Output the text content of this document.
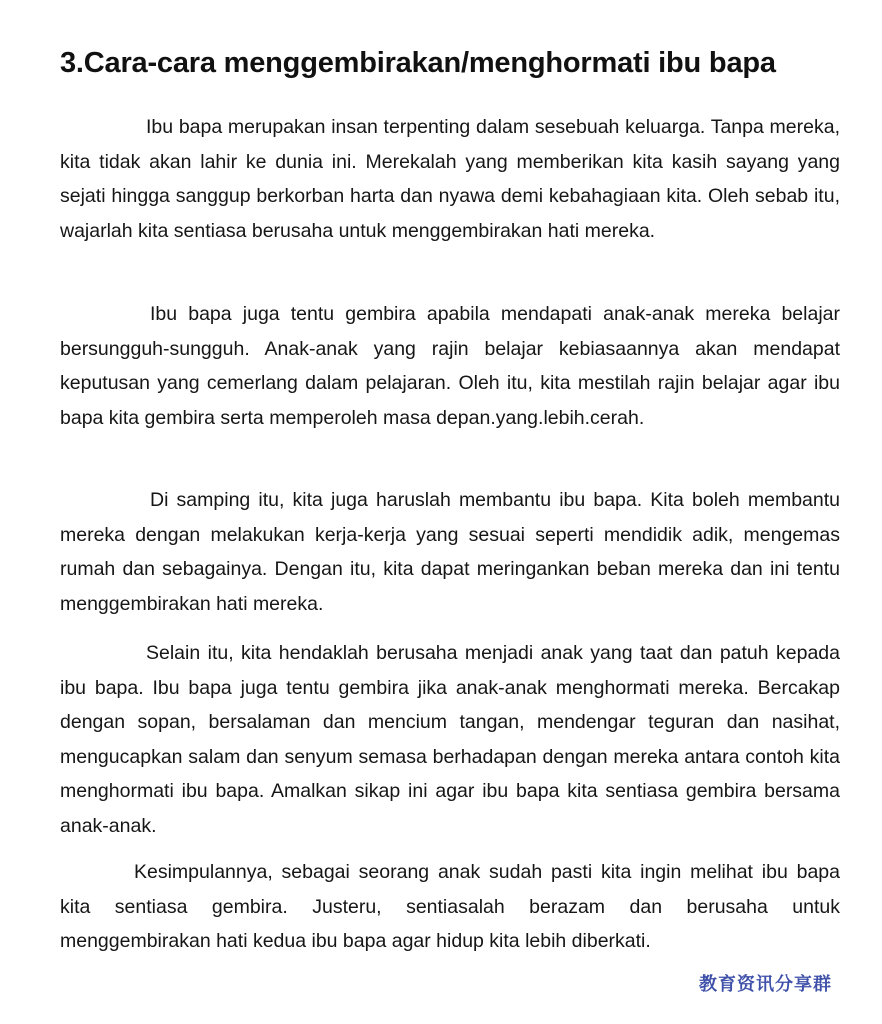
3.Cara-cara menggembirakan/menghormati ibu bapa

Ibu bapa merupakan insan terpenting dalam sesebuah keluarga. Tanpa mereka, kita tidak akan lahir ke dunia ini. Merekalah yang memberikan kita kasih sayang yang sejati hingga sanggup berkorban harta dan nyawa demi kebahagiaan kita. Oleh sebab itu, wajarlah kita sentiasa berusaha untuk menggembirakan hati mereka.

Ibu bapa juga tentu gembira apabila mendapati anak-anak mereka belajar bersungguh-sungguh. Anak-anak yang rajin belajar kebiasaannya akan mendapat keputusan yang cemerlang dalam pelajaran. Oleh itu, kita mestilah rajin belajar agar ibu bapa kita gembira serta memperoleh masa depan.yang.lebih.cerah.

Di samping itu, kita juga haruslah membantu ibu bapa. Kita boleh membantu mereka dengan melakukan kerja-kerja yang sesuai seperti mendidik adik, mengemas rumah dan sebagainya. Dengan itu, kita dapat meringankan beban mereka dan ini tentu menggembirakan hati mereka.

Selain itu, kita hendaklah berusaha menjadi anak yang taat dan patuh kepada ibu bapa. Ibu bapa juga tentu gembira jika anak-anak menghormati mereka. Bercakap dengan sopan, bersalaman dan mencium tangan, mendengar teguran dan nasihat, mengucapkan salam dan senyum semasa berhadapan dengan mereka antara contoh kita menghormati ibu bapa. Amalkan sikap ini agar ibu bapa kita sentiasa gembira bersama anak-anak.

Kesimpulannya, sebagai seorang anak sudah pasti kita ingin melihat ibu bapa kita sentiasa gembira. Justeru, sentiasalah berazam dan berusaha untuk menggembirakan hati kedua ibu bapa agar hidup kita lebih diberkati.

教育资讯分享群
